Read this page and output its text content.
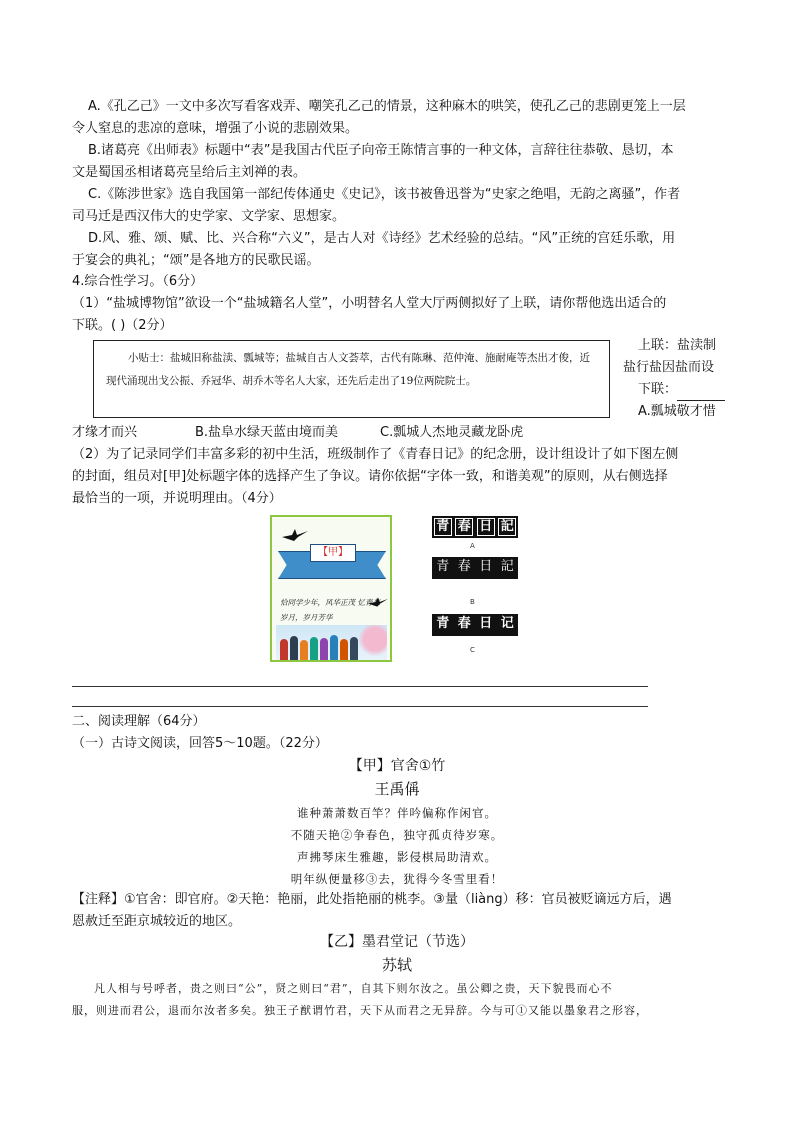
A.《孔乙己》一文中多次写看客戏弄、嘲笑孔乙己的情景，这种麻木的哄笑，使孔乙己的悲剧更笼上一层
令人窒息的悲凉的意味，增强了小说的悲剧效果。
B.诸葛亮《出师表》标题中“表”是我国古代臣子向帝王陈情言事的一种文体，言辞往往恭敬、恳切，本
文是蜀国丞相诸葛亮呈给后主刘禅的表。
C.《陈涉世家》选自我国第一部纪传体通史《史记》，该书被鲁迅誉为“史家之绝唱，无韵之离骚”，作者
司马迁是西汉伟大的史学家、文学家、思想家。
D.风、雅、颂、赋、比、兴合称“六义”，是古人对《诗经》艺术经验的总结。“风”正统的宫廷乐歌，用
于宴会的典礼；“颂”是各地方的民歌民谣。
4.综合性学习。（6分）
（1）“盐城博物馆”欲设一个“盐城籍名人堂”，小明替名人堂大厅两侧拟好了上联，请你帮他选出适合的
下联。( )（2分）
小贴士：盐城旧称盐渎、瓢城等；盐城自古人文荟萃，古代有陈琳、范仲淹、施耐庵等杰出才俊，近现代涌现出戈公振、乔冠华、胡乔木等名人大家，还先后走出了19位两院院士。
上联：盐渎制
盐行盐因盐而设
下联：
A.瓢城敬才惜
才缘才而兴	B.盐阜水绿天蓝由境而美	C.瓢城人杰地灵藏龙卧虎
（2）为了记录同学们丰富多彩的初中生活，班级制作了《青春日记》的纪念册，设计组设计了如下图左侧
的封面，组员对[甲]处标题字体的选择产生了争议。请你依据“字体一致，和谐美观”的原则，从右侧选择
最恰当的一项，并说明理由。（4分）
【甲】
恰同学少年，风华正茂 忆青葱岁月，岁月芳华
青 春 日 記
A
青 春 日 記
B
青 春 日 记
C
二、阅读理解（64分）
（一）古诗文阅读，回答5～10题。（22分）
【甲】官舍①竹
王禹偁
谁种萧萧数百竿？伴吟偏称作闲官。
不随天艳②争春色，独守孤贞待岁寒。
声拂琴床生雅趣，影侵棋局助清欢。
明年纵便量移③去，犹得今冬雪里看！
【注释】①官舍：即官府。②天艳：艳丽，此处指艳丽的桃李。③量（liàng）移：官员被贬谪远方后，遇
恩赦迁至距京城较近的地区。
【乙】墨君堂记（节选）
苏轼
凡人相与号呼者，贵之则曰“公”，贤之则曰“君”，自其下则尔汝之。虽公卿之贵，天下貌畏而心不
服，则进而君公，退而尔汝者多矣。独王子猷谓竹君，天下从而君之无异辞。今与可①又能以墨象君之形容，
